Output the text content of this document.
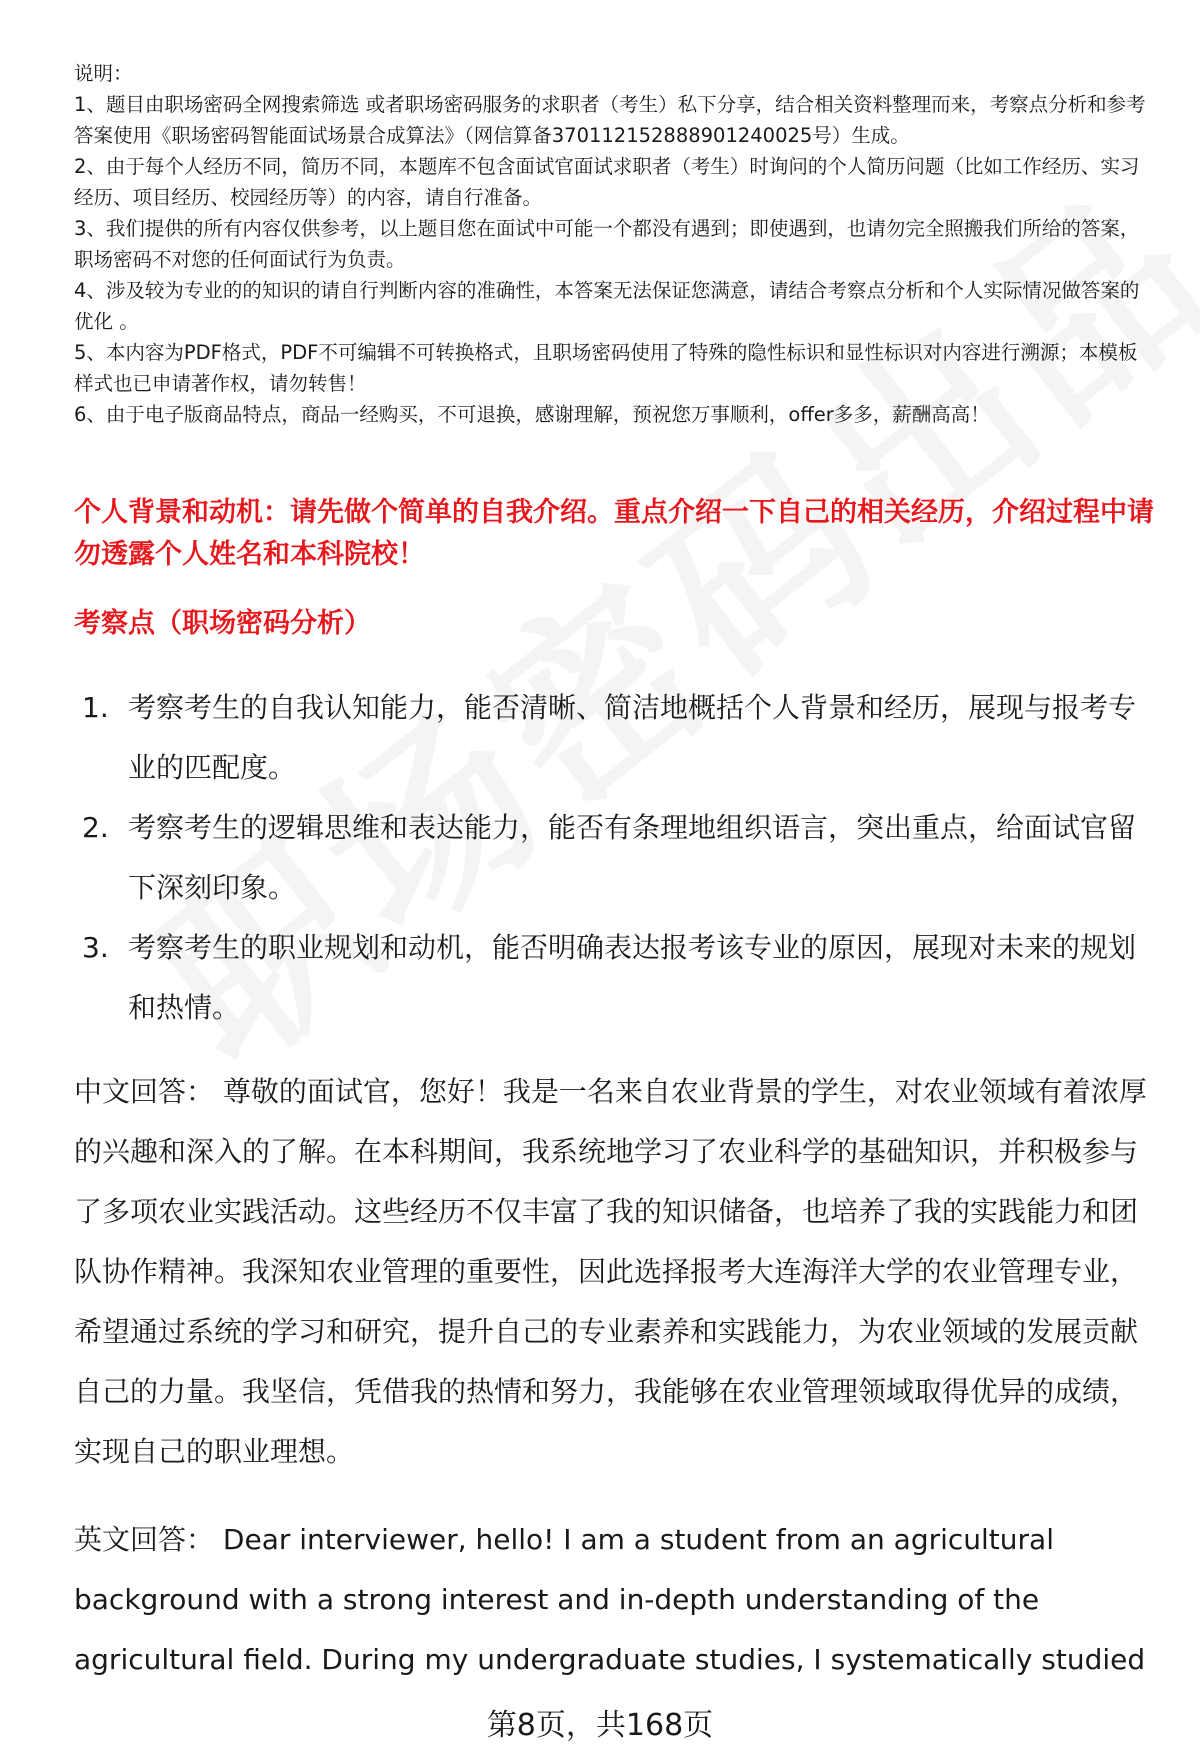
说明：

1、题目由职场密码全网搜索筛选 或者职场密码服务的求职者（考生）私下分享，结合相关资料整理而来，考察点分析和参考答案使用《职场密码智能面试场景合成算法》（网信算备370112152888901240025号）生成。

2、由于每个人经历不同，简历不同，本题库不包含面试官面试求职者（考生）时询问的个人简历问题（比如工作经历、实习经历、项目经历、校园经历等）的内容，请自行准备。

3、我们提供的所有内容仅供参考，以上题目您在面试中可能一个都没有遇到；即使遇到，也请勿完全照搬我们所给的答案，职场密码不对您的任何面试行为负责。

4、涉及较为专业的的知识的请自行判断内容的准确性，本答案无法保证您满意，请结合考察点分析和个人实际情况做答案的优化 。

5、本内容为PDF格式，PDF不可编辑不可转换格式，且职场密码使用了特殊的隐性标识和显性标识对内容进行溯源；本模板样式也已申请著作权，请勿转售！

6、由于电子版商品特点，商品一经购买，不可退换，感谢理解，预祝您万事顺利，offer多多，薪酬高高！

个人背景和动机：请先做个简单的自我介绍。重点介绍一下自己的相关经历，介绍过程中请勿透露个人姓名和本科院校！
考察点（职场密码分析）
1. 考察考生的自我认知能力，能否清晰、简洁地概括个人背景和经历，展现与报考专业的匹配度。
2. 考察考生的逻辑思维和表达能力，能否有条理地组织语言，突出重点，给面试官留下深刻印象。
3. 考察考生的职业规划和动机，能否明确表达报考该专业的原因，展现对未来的规划和热情。

中文回答： 尊敬的面试官，您好！我是一名来自农业背景的学生，对农业领域有着浓厚的兴趣和深入的了解。在本科期间，我系统地学习了农业科学的基础知识，并积极参与了多项农业实践活动。这些经历不仅丰富了我的知识储备，也培养了我的实践能力和团队协作精神。我深知农业管理的重要性，因此选择报考大连海洋大学的农业管理专业，希望通过系统的学习和研究，提升自己的专业素养和实践能力，为农业领域的发展贡献自己的力量。我坚信，凭借我的热情和努力，我能够在农业管理领域取得优异的成绩，实现自己的职业理想。

英文回答： Dear interviewer, hello! I am a student from an agricultural background with a strong interest and in-depth understanding of the agricultural field. During my undergraduate studies, I systematically studied

第8页，共168页
